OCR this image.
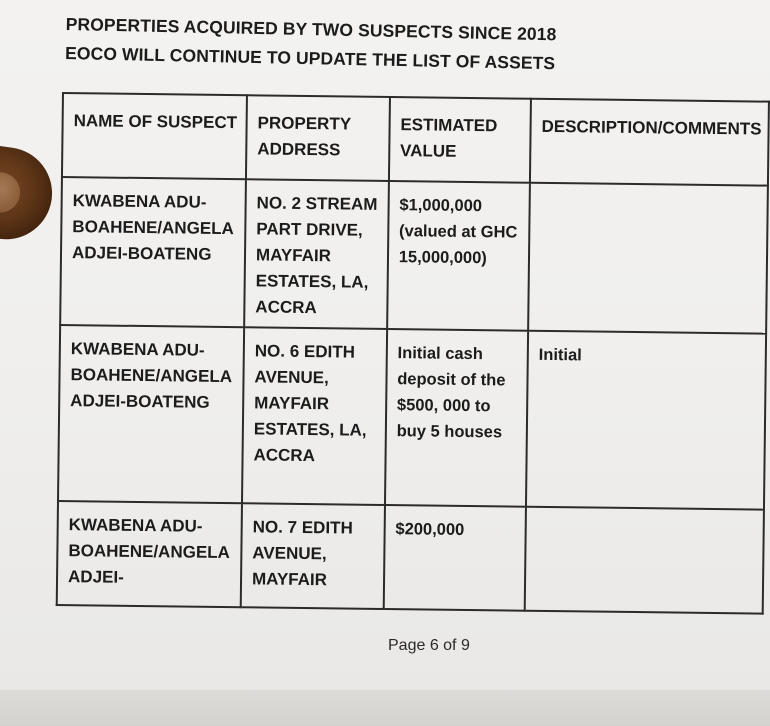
PROPERTIES ACQUIRED BY TWO SUSPECTS SINCE 2018
EOCO WILL CONTINUE TO UPDATE THE LIST OF ASSETS
NAME OF SUSPECT	PROPERTY ADDRESS	ESTIMATED VALUE	DESCRIPTION/COMMENTS
KWABENA ADU-BOAHENE/ANGELA ADJEI-BOATENG	NO. 2 STREAM PART DRIVE, MAYFAIR ESTATES, LA, ACCRA	$1,000,000 (valued at GHC 15,000,000)	
KWABENA ADU-BOAHENE/ANGELA ADJEI-BOATENG	NO. 6 EDITH AVENUE, MAYFAIR ESTATES, LA, ACCRA	Initial cash deposit of the $500, 000 to buy 5 houses	Initial
KWABENA ADU-BOAHENE/ANGELA ADJEI-	NO. 7 EDITH AVENUE, MAYFAIR	$200,000	
Page 6 of 9
